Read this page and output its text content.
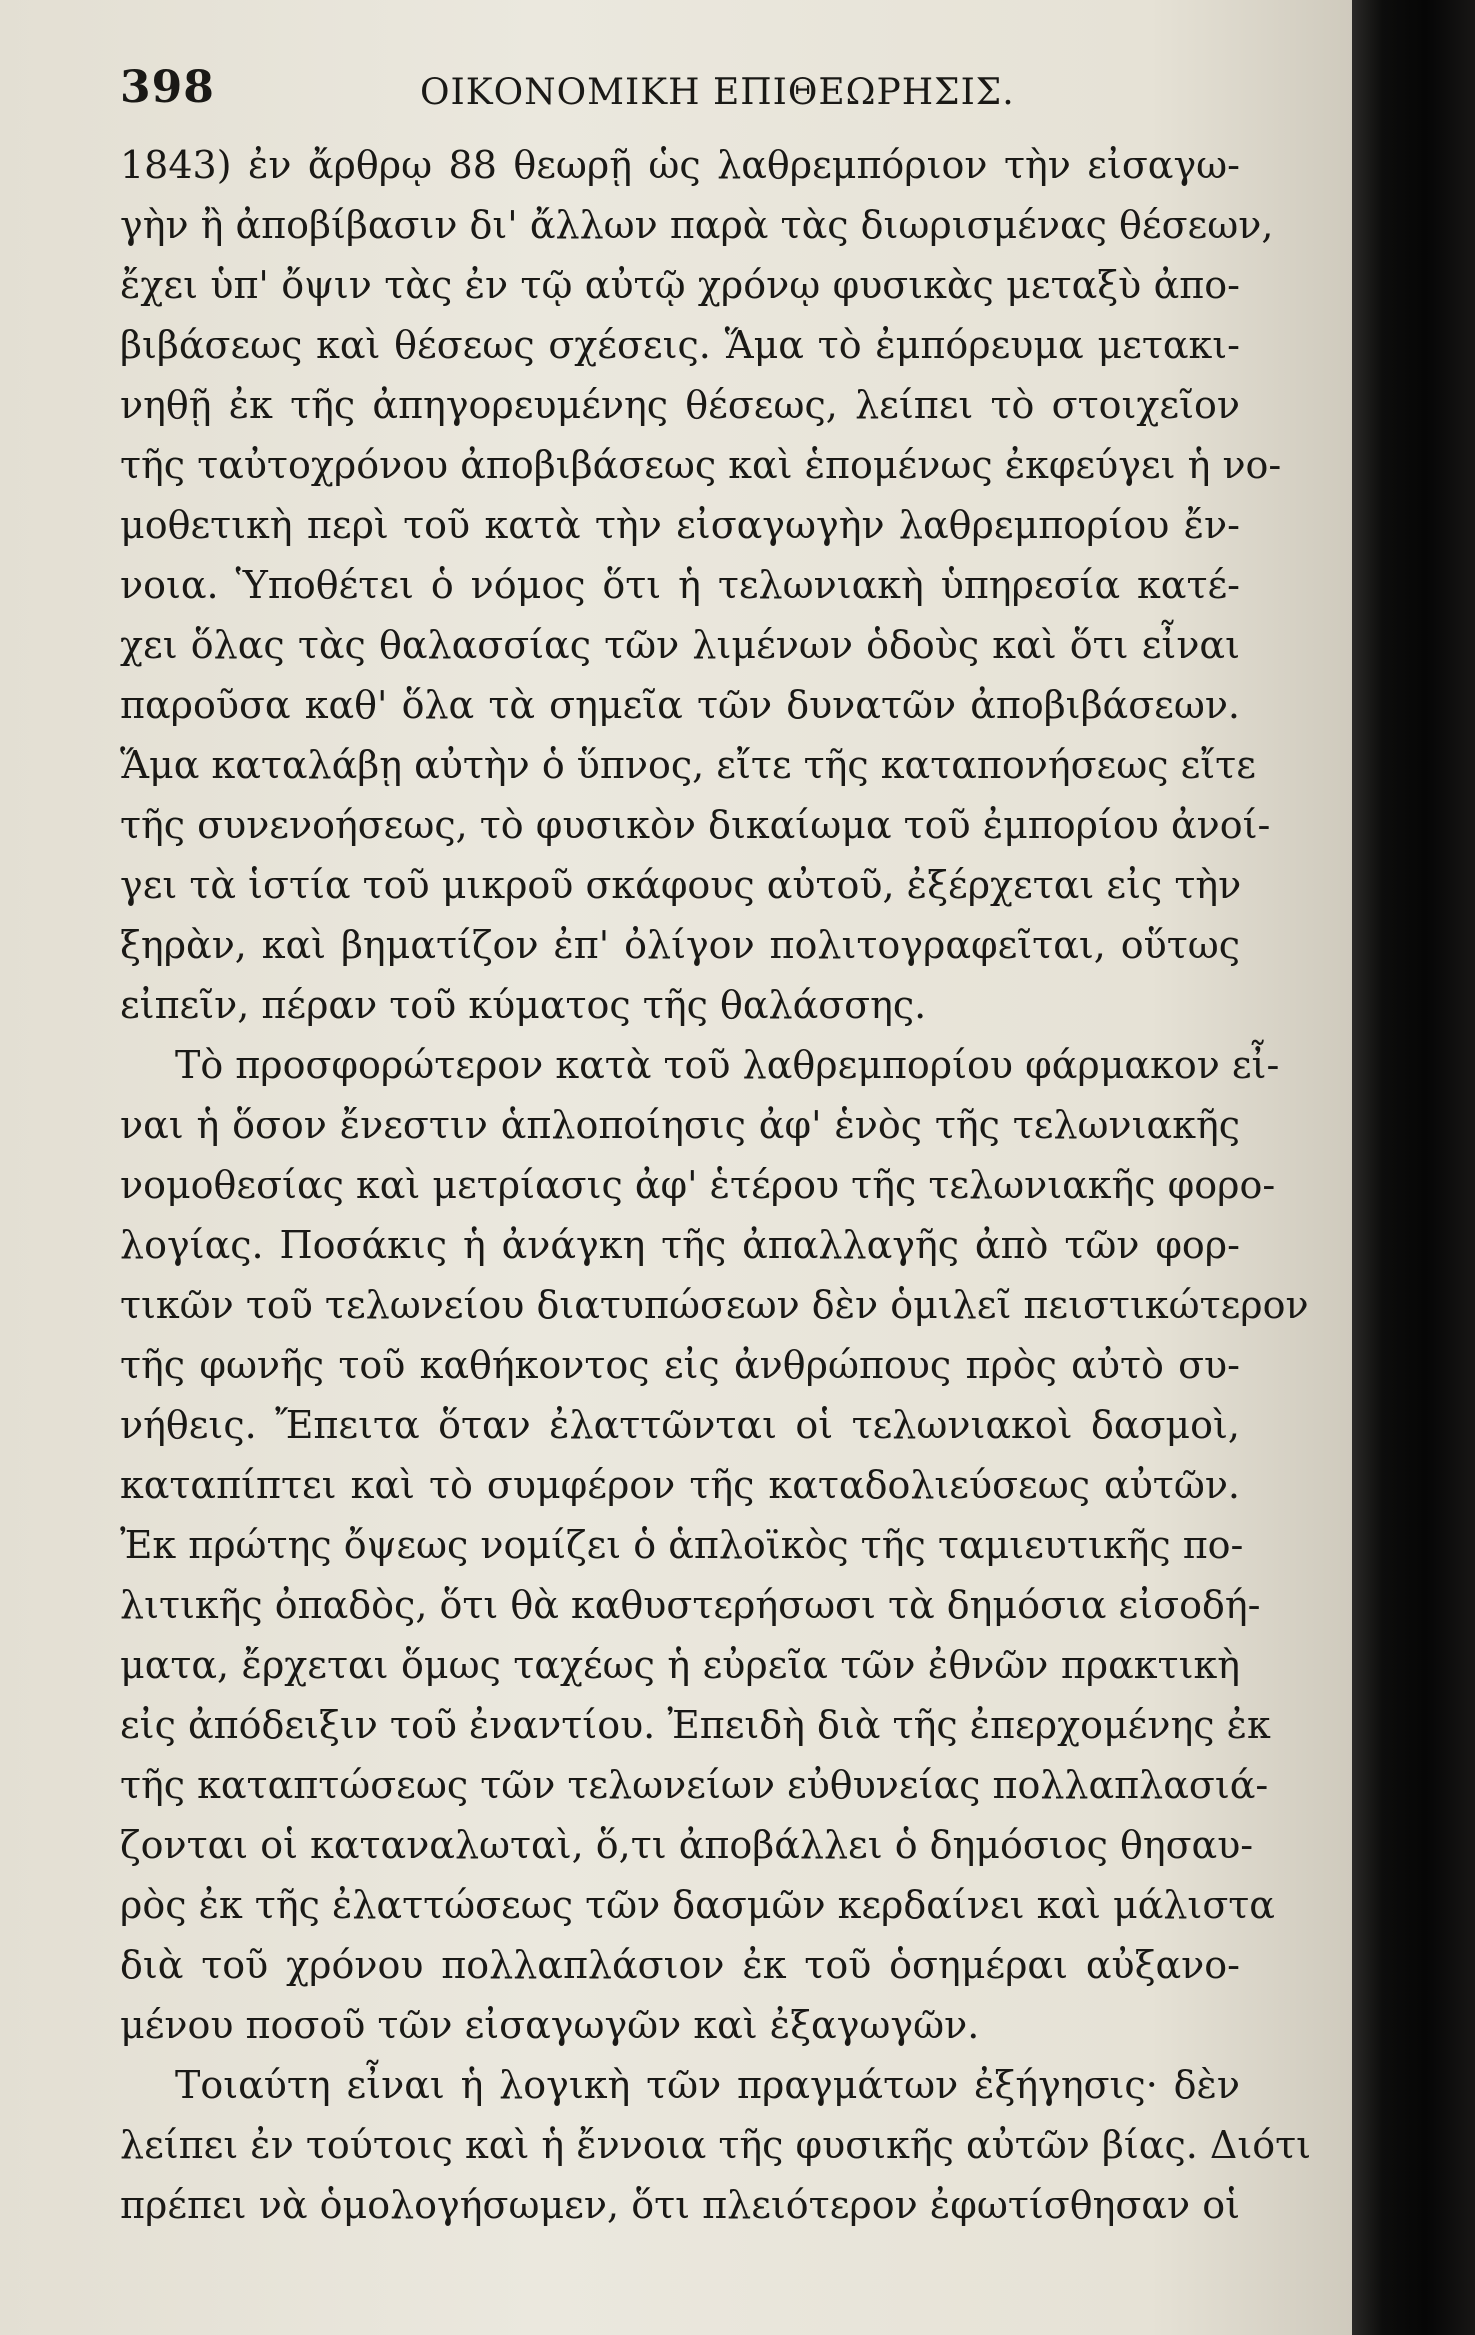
398	ΟΙΚΟΝΟΜΙΚΗ ΕΠΙΘΕΩΡΗΣΙΣ.
1843) ἐν ἄρθρῳ 88 θεωρῇ ὡς λαθρεμπόριον τὴν εἰσαγω-
γὴν ἢ ἀποβίβασιν δι' ἄλλων παρὰ τὰς διωρισμένας θέσεων,
ἔχει ὑπ' ὄψιν τὰς ἐν τῷ αὐτῷ χρόνῳ φυσικὰς μεταξὺ ἀπο-
βιβάσεως καὶ θέσεως σχέσεις. Ἅμα τὸ ἐμπόρευμα μετακι-
νηθῇ ἐκ τῆς ἀπηγορευμένης θέσεως, λείπει τὸ στοιχεῖον
τῆς ταὐτοχρόνου ἀποβιβάσεως καὶ ἑπομένως ἐκφεύγει ἡ νο-
μοθετικὴ περὶ τοῦ κατὰ τὴν εἰσαγωγὴν λαθρεμπορίου ἔν-
νοια. Ὑποθέτει ὁ νόμος ὅτι ἡ τελωνιακὴ ὑπηρεσία κατέ-
χει ὅλας τὰς θαλασσίας τῶν λιμένων ὁδοὺς καὶ ὅτι εἶναι
παροῦσα καθ' ὅλα τὰ σημεῖα τῶν δυνατῶν ἀποβιβάσεων.
Ἅμα καταλάβῃ αὐτὴν ὁ ὕπνος, εἴτε τῆς καταπονήσεως εἴτε
τῆς συνενοήσεως, τὸ φυσικὸν δικαίωμα τοῦ ἐμπορίου ἀνοί-
γει τὰ ἱστία τοῦ μικροῦ σκάφους αὐτοῦ, ἐξέρχεται εἰς τὴν
ξηρὰν, καὶ βηματίζον ἐπ' ὀλίγον πολιτογραφεῖται, οὕτως
εἰπεῖν, πέραν τοῦ κύματος τῆς θαλάσσης.
Τὸ προσφορώτερον κατὰ τοῦ λαθρεμπορίου φάρμακον εἶ-
ναι ἡ ὅσον ἔνεστιν ἁπλοποίησις ἀφ' ἑνὸς τῆς τελωνιακῆς
νομοθεσίας καὶ μετρίασις ἀφ' ἑτέρου τῆς τελωνιακῆς φορο-
λογίας. Ποσάκις ἡ ἀνάγκη τῆς ἀπαλλαγῆς ἀπὸ τῶν φορ-
τικῶν τοῦ τελωνείου διατυπώσεων δὲν ὁμιλεῖ πειστικώτερον
τῆς φωνῆς τοῦ καθήκοντος εἰς ἀνθρώπους πρὸς αὐτὸ συ-
νήθεις. Ἔπειτα ὅταν ἐλαττῶνται οἱ τελωνιακοὶ δασμοὶ,
καταπίπτει καὶ τὸ συμφέρον τῆς καταδολιεύσεως αὐτῶν.
Ἐκ πρώτης ὄψεως νομίζει ὁ ἁπλοϊκὸς τῆς ταμιευτικῆς πο-
λιτικῆς ὀπαδὸς, ὅτι θὰ καθυστερήσωσι τὰ δημόσια εἰσοδή-
ματα, ἔρχεται ὅμως ταχέως ἡ εὐρεῖα τῶν ἐθνῶν πρακτικὴ
εἰς ἀπόδειξιν τοῦ ἐναντίου. Ἐπειδὴ διὰ τῆς ἐπερχομένης ἐκ
τῆς καταπτώσεως τῶν τελωνείων εὐθυνείας πολλαπλασιά-
ζονται οἱ καταναλωταὶ, ὅ,τι ἀποβάλλει ὁ δημόσιος θησαυ-
ρὸς ἐκ τῆς ἐλαττώσεως τῶν δασμῶν κερδαίνει καὶ μάλιστα
διὰ τοῦ χρόνου πολλαπλάσιον ἐκ τοῦ ὁσημέραι αὐξανο-
μένου ποσοῦ τῶν εἰσαγωγῶν καὶ ἐξαγωγῶν.
Τοιαύτη εἶναι ἡ λογικὴ τῶν πραγμάτων ἐξήγησις· δὲν
λείπει ἐν τούτοις καὶ ἡ ἔννοια τῆς φυσικῆς αὐτῶν βίας. Διότι
πρέπει νὰ ὁμολογήσωμεν, ὅτι πλειότερον ἐφωτίσθησαν οἱ
